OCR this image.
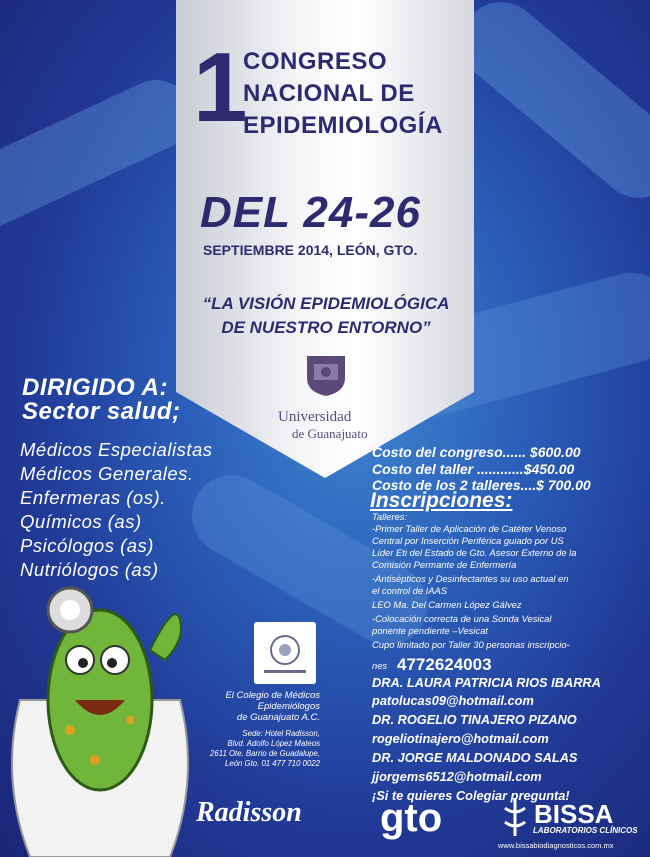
1
CONGRESO
NACIONAL DE
EPIDEMIOLOGÍA
DEL 24-26
SEPTIEMBRE 2014, LEÓN, GTO.
“LA VISIÓN EPIDEMIOLÓGICA
DE NUESTRO ENTORNO”
Universidad
de Guanajuato
DIRIGIDO A:
Sector salud;
Médicos Especialistas
Médicos Generales.
Enfermeras (os).
Químicos (as)
Psicólogos (as)
Nutriólogos (as)
Costo del congreso...... $600.00
Costo del taller ............$450.00
Costo de los 2 talleres....$ 700.00
Inscripciones:
Talleres:
-Primer Taller de Aplicación de Catéter Venoso
Central por Inserción Periférica guiado por US
Líder Eti del Estado de Gto. Asesor Externo de la
Comisión Permante de Enfermería
-Antisépticos y Desinfectantes su uso actual en
el control de IAAS
LEO Ma. Del Carmen López Gálvez
-Colocación correcta de una Sonda Vesical
ponente pendiente –Vesicat
Cupo limitado por Taller 30 personas inscripcio-
nes 4772624003
DRA. LAURA PATRICIA RIOS IBARRA
patolucas09@hotmail.com
DR. ROGELIO TINAJERO PIZANO
rogeliotinajero@hotmail.com
DR. JORGE MALDONADO SALAS
jjorgems6512@hotmail.com
¡Si te quieres Colegiar pregunta!
El Colegio de Médicos
Epidemiólogos
de Guanajuato A.C.
Sede: Hotel Radisson,
Blvd. Adolfo López Mateos
2611 Ote. Barrio de Guadalupe,
León Gto. 01 477 710 0022
Radisson gto	BISSA
LABORATORIOS CLÍNICOS
www.bissabiodiagnosticos.com.mx
